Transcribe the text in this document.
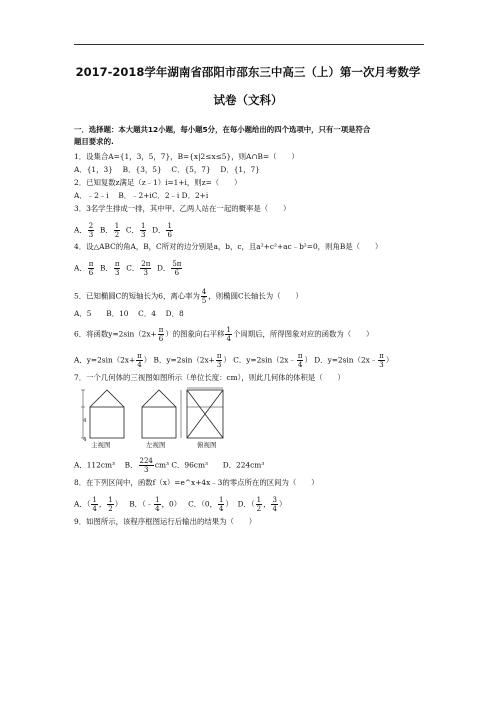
2017-2018学年湖南省邵阳市邵东三中高三（上）第一次月考数学
试卷（文科）
一．选择题：本大题共12小题，每小题5分，在每小题给出的四个选项中，只有一项是符合
题目要求的.
1．设集合A={1，3，5，7}，B={x|2≤x≤5}，则A∩B=（　　）
A．{1，3}　 B．{3，5}　 C．{5，7}　 D．{1，7}
2．已知复数z满足（z﹣1）i=1+i，则z=（　　）
A．﹣2﹣i　 B．﹣2+iC．2﹣i D．2+i
3．3名学生排成一排，其中甲、乙两人站在一起的概率是（　　）
A． $\frac{2}{3}$ B． $\frac{1}{2}$ C． $\frac{1}{3}$ D． $\frac{1}{6}$
4．设△ABC的角A，B，C所对的边分别是a，b，c，且a²+c²+ac﹣b²=0，则角B是（　　）
A． $\frac{\pi}{6}$ B． $\frac{\pi}{3}$ C． $\frac{2\pi}{3}$ D． $\frac{5\pi}{6}$
5．已知椭圆C的短轴长为6，离心率为 $\frac{4}{5}$ ，则椭圆C长轴长为（　　）
A．5　　B．10　 C．4　 D．8
6．将函数$y=2\sin(2x+ \frac{\pi}{6}$ ）的图象向右平移 $\frac{1}{4}$ 个周期后，所得图象对应的函数为（　　）
A．$y=2\sin(2x+ \frac{\pi}{4}$ ） B．$y=2\sin(2x+ \frac{\pi}{3}$ ） C．y=2sin（2x﹣ $\frac{\pi}{4}$ ） D．y=2sin（2x﹣ $\frac{\pi}{3}$ ）
7．一个几何体的三视图如图所示（单位长度：cm），则此几何体的体积是（　　）
4
4
主视图	左视图	俯视图
A．112cm³　 B． $\frac{224}{3} cm^3$ C．96cm³　　D．224cm³
8．在下列区间中，函数f（x）=e^x+4x﹣3的零点所在的区间为（　　）
A．（ $\frac{1}{4}$ ， $\frac{1}{2}$ ） B．（﹣ $\frac{1}{4}$ ，0） C．（0， $\frac{1}{4}$ ） D．（ $\frac{1}{2}$ ， $\frac{3}{4}$ ）
9．如图所示，该程序框图运行后输出的结果为（　　）
